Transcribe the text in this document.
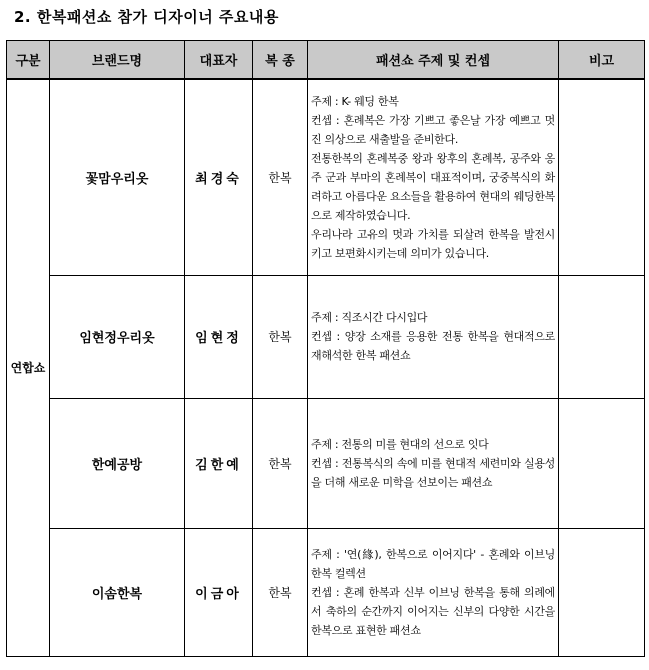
2. 한복패션쇼 참가 디자이너 주요내용
구분	브랜드명	대표자	복 종	패션쇼 주제 및 컨셉	비고
연합쇼	꽃맘우리옷	최경숙	한복	주제 : K- 웨딩 한복

컨셉 : 혼례복은 가장 기쁘고 좋은날 가장 예쁘고 멋진 의상으로 새출발을 준비한다.

전통한복의 혼례복중 왕과 왕후의 혼례복, 공주와 옹주 군과 부마의 혼례복이 대표적이며, 궁중복식의 화려하고 아름다운 요소들을 활용하여 현대의 웨딩한복으로 제작하였습니다.

우리나라 고유의 멋과 가치를 되살려 한복을 발전시키고 보편화시키는데 의미가 있습니다.	

	임현정우리옷	임현정	한복	주제 : 직조시간 다시입다

컨셉 : 양장 소재를 응용한 전통 한복을 현대적으로 재해석한 한복 패션쇼	

	한예공방	김한예	한복	주제 : 전통의 미를 현대의 선으로 잇다

컨셉 : 전통복식의 속에 미를 현대적 세련미와 실용성을 더해 새로운 미학을 선보이는 패션쇼	

	이솜한복	이금아	한복	주제 : '연(緣), 한복으로 이어지다' - 혼례와 이브닝 한복 컬렉션

컨셉 : 혼례 한복과 신부 이브닝 한복을 통해 의례에서 축하의 순간까지 이어지는 신부의 다양한 시간을 한복으로 표현한 패션쇼	
